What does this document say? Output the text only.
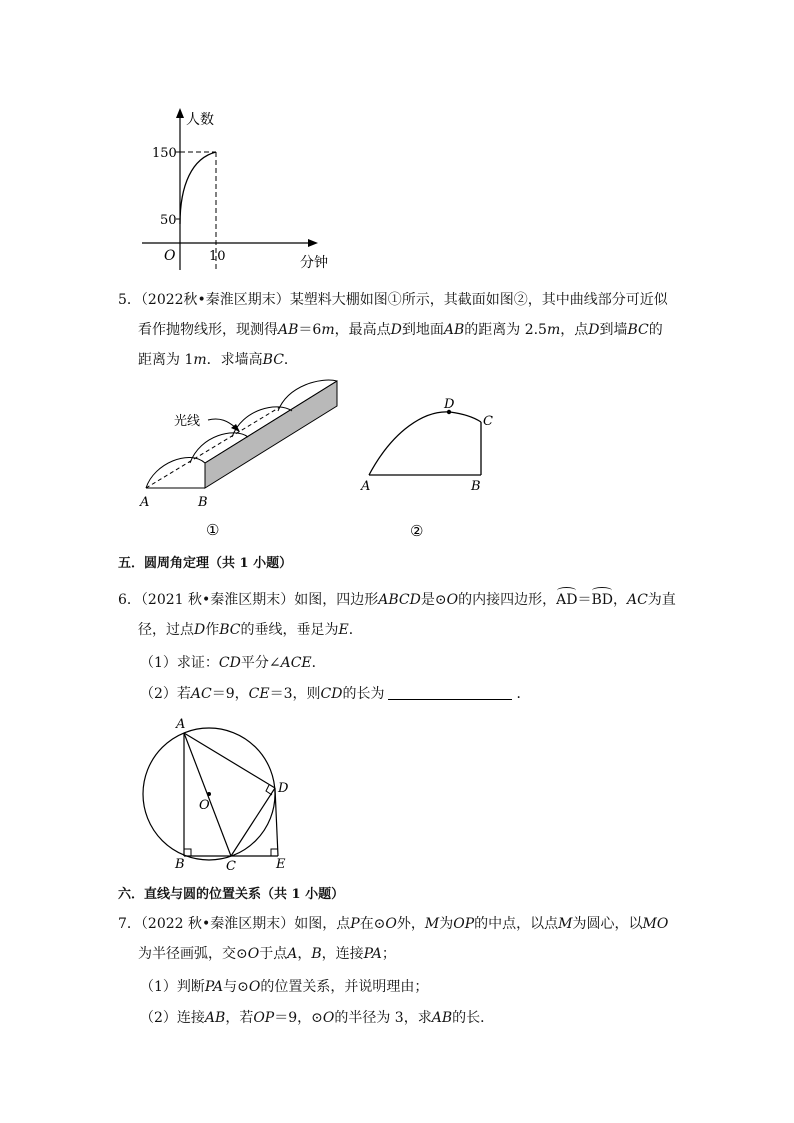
人数
分钟
150
50
O	10
5．（2022秋•秦淮区期末）某塑料大棚如图①所示，其截面如图②，其中曲线部分可近似
看作抛物线形，现测得AB＝6m，最高点D到地面AB的距离为 2.5m，点D到墙BC的
距离为 1m．求墙高BC．
光线
A	B
①
D
C
A	B
②
五．圆周角定理（共 1 小题）
6．（2021 秋•秦淮区期末）如图，四边形ABCD是⊙O的内接四边形，AD＝BD，AC为直
径，过点D作BC的垂线，垂足为E．
（1）求证：CD平分∠ACE．
（2）若AC＝9，CE＝3，则CD的长为	．
A
O
D
B	C	E
六．直线与圆的位置关系（共 1 小题）
7．（2022 秋•秦淮区期末）如图，点P在⊙O外，M为OP的中点，以点M为圆心，以MO
为半径画弧，交⊙O于点A，B，连接PA；
（1）判断PA与⊙O的位置关系，并说明理由；
（2）连接AB，若OP＝9，⊙O的半径为 3，求AB的长．
